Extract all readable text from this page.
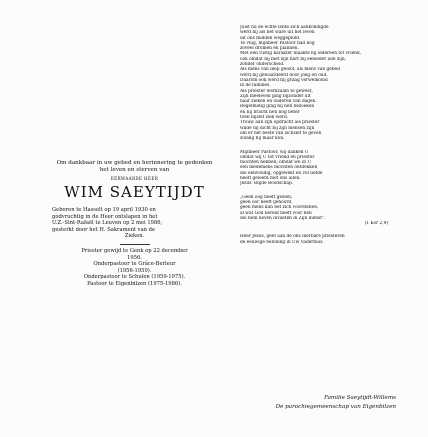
Om dankbaar in uw gebed en herinnering te gedenken het leven en sterven van

EERWAARDE HEER
WIM SAEYTIJDT
Geboren te Hasselt op 19 april 1930 en
godvruchtig in de Heer ontslapen in het
U.Z.-Sint-Rafaël te Leuven op 2 mei 1986,
gesterkt door het H. Sakrament van de
Zieken.
Priester gewijd te Genk op 22 december
1956.
Onderpastoor te Grâce-Berleur
(1956-1959).
Onderpastoor te Schulen (1959-1975).
Pastoor te Eigenbilzen (1975-1986).
Juist nu de echte lente zich aankondigde
werd hij als het ware uit het leven
uit ons midden weggeplukt.
Te vlug, mijnheer Pastoor had nog
zoveel dromen en plannen.
Met een rustig karakter maakte hij iedereen tot vriend,
ook omdat hij met zijn hart bij eenieder alle zijn,
zonder onderscheid.
Als mens van diep geloof, als mens van gebed
werd hij gewaardeerd door jong en oud.
Daarom ook werd hij graag verwelkomd
in de families.
Als priester werkzaam te gewest,
Zijn meeleven ging bijzonder uit
naar zieken en ouderen van dagen.
Regelmatig ging hij hen bezoeken
en hij bracht hen nog beter
toen hijzelf ziek werd.
Trouw aan zijn opdracht als priester
wilde hij dicht bij zijn mensen zijn
om er het beste van zichzelf te geven
zolang hij maar kon.
Mijnheer Pastoor, wij danken U
omdat wij U tot vriend en priester
mochten hebben; omdat we in U
een medemens mochten ontdekken
die eenvoudig, opgewekt en vol liefde
heeft geleefd met ons allen.
Jezus' Blijde Boodschap.
„Geen oog heeft gezien,
geen oor heeft gehoord,
geen mens kan het zich voorstellen,
al wat God bereid heeft voor hen
die hem lieven invaeten in Zijn dienst".
(1 Kor 2,9)
Heer Jezus, geef aan de ons dierbare priesteren
de eeuwige beloning in Uw Vaderhuis.
Familie Saeytijdt-Willems
De parochiegemeenschap van Eigenbilzen
